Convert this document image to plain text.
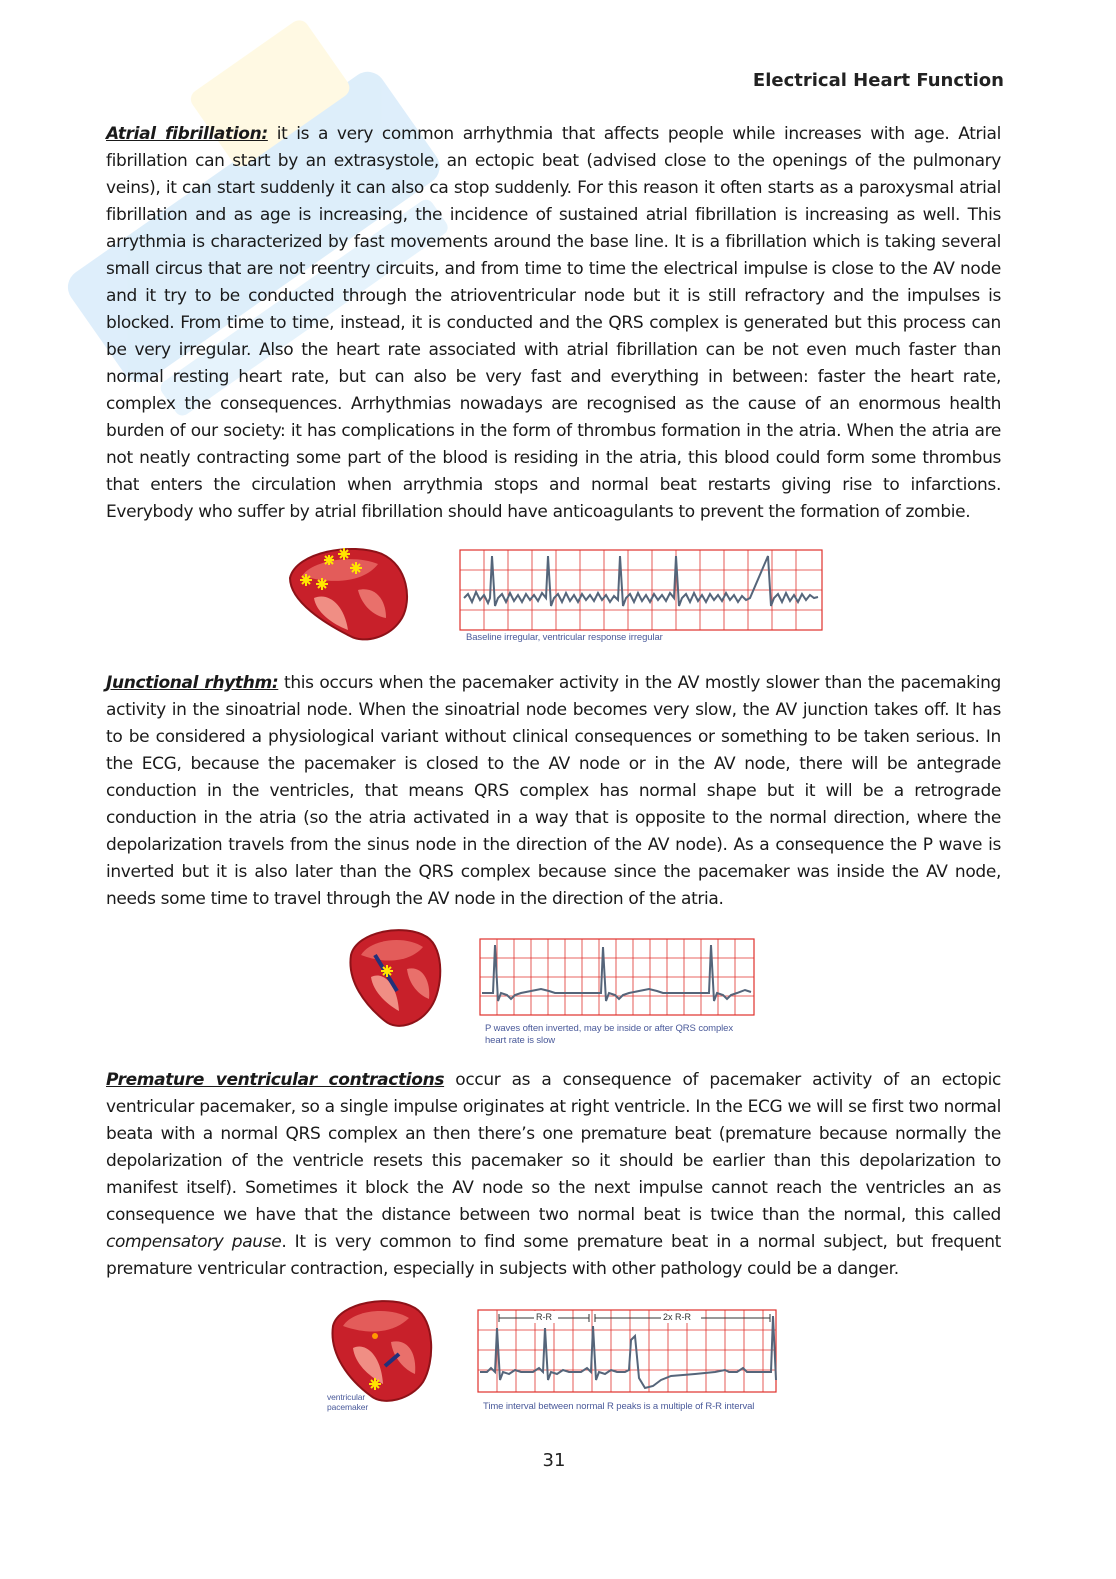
Electrical Heart Function

Atrial fibrillation: it is a very common arrhythmia that affects people while increases with age. Atrial fibrillation can start by an extrasystole, an ectopic beat (advised close to the openings of the pulmonary veins), it can start suddenly it can also ca stop suddenly. For this reason it often starts as a paroxysmal atrial fibrillation and as age is increasing, the incidence of sustained atrial fibrillation is increasing as well. This arrythmia is characterized by fast movements around the base line. It is a fibrillation which is taking several small circus that are not reentry circuits, and from time to time the electrical impulse is close to the AV node and it try to be conducted through the atrioventricular node but it is still refractory and the impulses is blocked. From time to time, instead, it is conducted and the QRS complex is generated but this process can be very irregular. Also the heart rate associated with atrial fibrillation can be not even much faster than normal resting heart rate, but can also be very fast and everything in between: faster the heart rate, complex the consequences. Arrhythmias nowadays are recognised as the cause of an enormous health burden of our society: it has complications in the form of thrombus formation in the atria. When the atria are not neatly contracting some part of the blood is residing in the atria, this blood could form some thrombus that enters the circulation when arrythmia stops and normal beat restarts giving rise to infarctions. Everybody who suffer by atrial fibrillation should have anticoagulants to prevent the formation of zombie.

Baseline irregular, ventricular response irregular

Junctional rhythm: this occurs when the pacemaker activity in the AV mostly slower than the pacemaking activity in the sinoatrial node. When the sinoatrial node becomes very slow, the AV junction takes off. It has to be considered a physiological variant without clinical consequences or something to be taken serious. In the ECG, because the pacemaker is closed to the AV node or in the AV node, there will be antegrade conduction in the ventricles, that means QRS complex has normal shape but it will be a retrograde conduction in the atria (so the atria activated in a way that is opposite to the normal direction, where the depolarization travels from the sinus node in the direction of the AV node). As a consequence the P wave is inverted but it is also later than the QRS complex because since the pacemaker was inside the AV node, needs some time to travel through the AV node in the direction of the atria.

P waves often inverted, may be inside or after QRS complex
heart rate is slow

Premature ventricular contractions occur as a consequence of pacemaker activity of an ectopic ventricular pacemaker, so a single impulse originates at right ventricle. In the ECG we will se first two normal beata with a normal QRS complex an then there’s one premature beat (premature because normally the depolarization of the ventricle resets this pacemaker so it should be earlier than this depolarization to manifest itself). Sometimes it block the AV node so the next impulse cannot reach the ventricles an as consequence we have that the distance between two normal beat is twice than the normal, this called compensatory pause. It is very common to find some premature beat in a normal subject, but frequent premature ventricular contraction, especially in subjects with other pathology could be a danger.

R-R	2x R-R
ventricular
pacemaker	Time interval between normal R peaks is a multiple of R-R interval
31
